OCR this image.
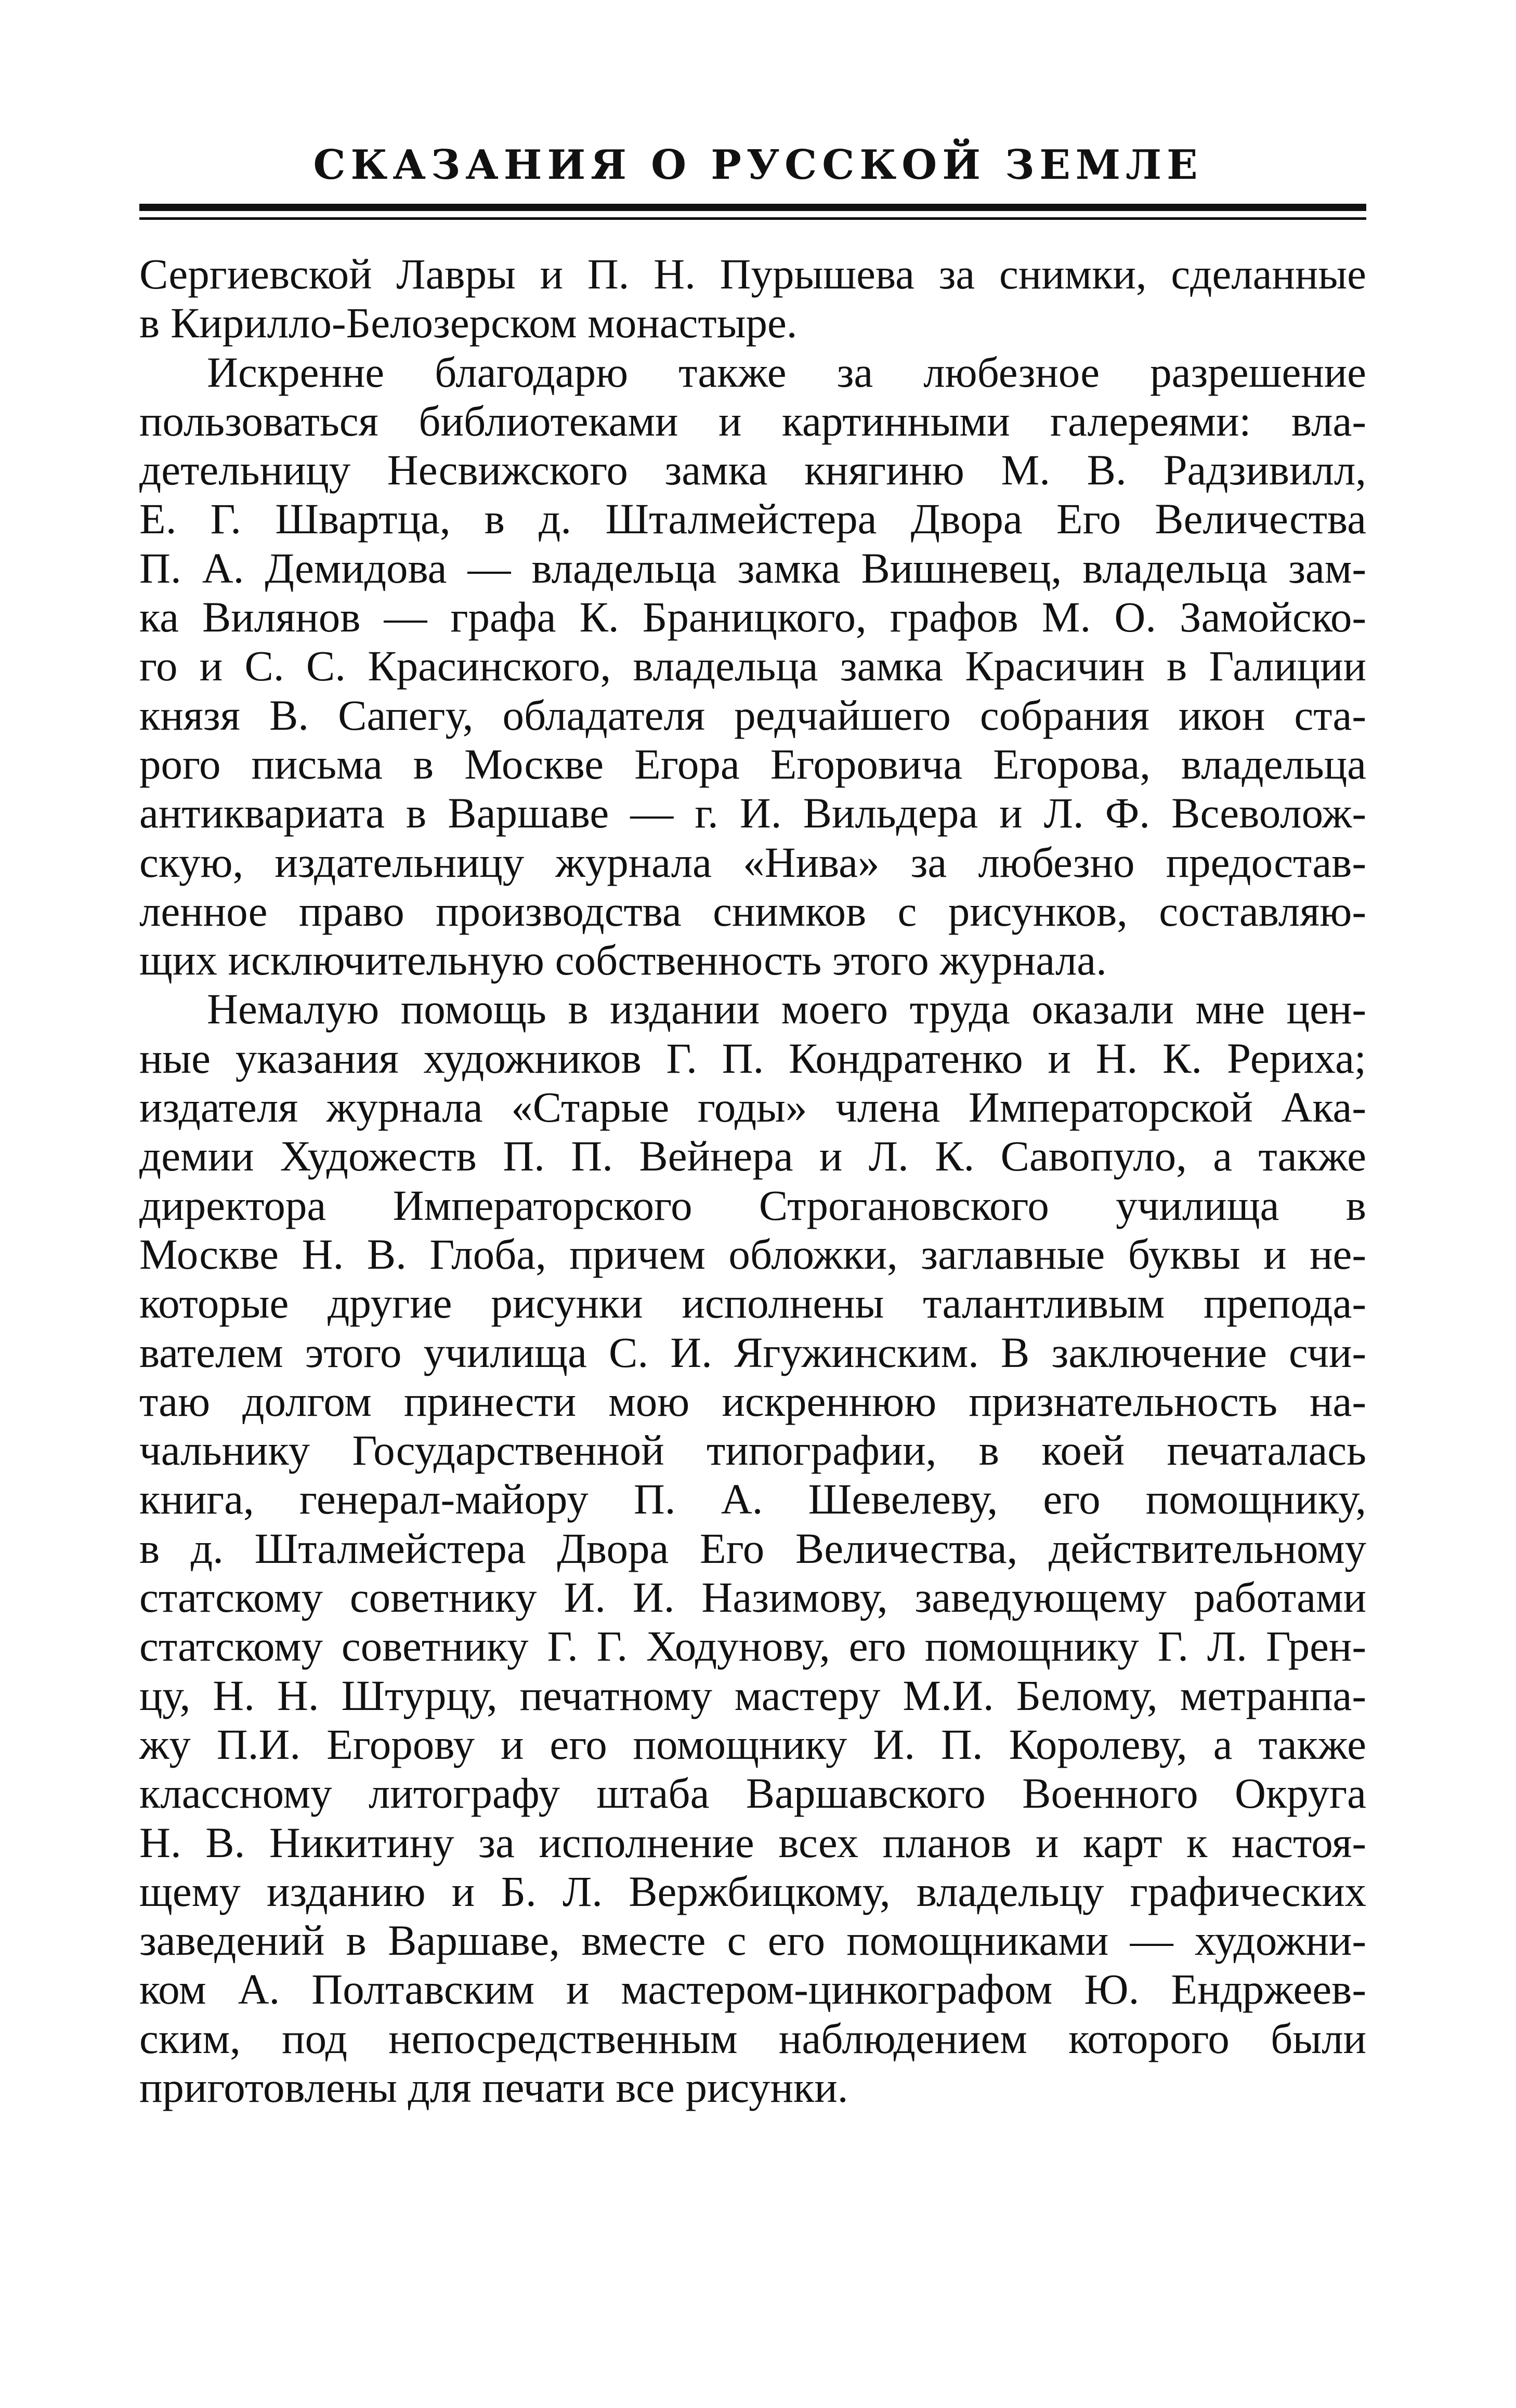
СКАЗАНИЯ О РУССКОЙ ЗЕМЛЕ
Сергиевской Лавры и П. Н. Пурышева за снимки, сделанные
в Кирилло-Белозерском монастыре.
Искренне благодарю также за любезное разрешение
пользоваться библиотеками и картинными галереями: вла-
детельницу Несвижского замка княгиню М. В. Радзивилл,
Е. Г. Швартца, в д. Шталмейстера Двора Его Величества
П. А. Демидова — владельца замка Вишневец, владельца зам-
ка Вилянов — графа К. Браницкого, графов М. О. Замойско-
го и С. С. Красинского, владельца замка Красичин в Галиции
князя В. Сапегу, обладателя редчайшего собрания икон ста-
рого письма в Москве Егора Егоровича Егорова, владельца
антиквариата в Варшаве — г. И. Вильдера и Л. Ф. Всеволож-
скую, издательницу журнала «Нива» за любезно предостав-
ленное право производства снимков с рисунков, составляю-
щих исключительную собственность этого журнала.
Немалую помощь в издании моего труда оказали мне цен-
ные указания художников Г. П. Кондратенко и Н. К. Рериха;
издателя журнала «Старые годы» члена Императорской Ака-
демии Художеств П. П. Вейнера и Л. К. Савопуло, а также
директора Императорского Строгановского училища в
Москве Н. В. Глоба, причем обложки, заглавные буквы и не-
которые другие рисунки исполнены талантливым препода-
вателем этого училища С. И. Ягужинским. В заключение счи-
таю долгом принести мою искреннюю признательность на-
чальнику Государственной типографии, в коей печаталась
книга, генерал-майору П. А. Шевелеву, его помощнику,
в д. Шталмейстера Двора Его Величества, действительному
статскому советнику И. И. Назимову, заведующему работами
статскому советнику Г. Г. Ходунову, его помощнику Г. Л. Грен-
цу, Н. Н. Штурцу, печатному мастеру М.И. Белому, метранпа-
жу П.И. Егорову и его помощнику И. П. Королеву, а также
классному литографу штаба Варшавского Военного Округа
Н. В. Никитину за исполнение всех планов и карт к настоя-
щему изданию и Б. Л. Вержбицкому, владельцу графических
заведений в Варшаве, вместе с его помощниками — художни-
ком А. Полтавским и мастером-цинкографом Ю. Ендржеев-
ским, под непосредственным наблюдением которого были
приготовлены для печати все рисунки.
